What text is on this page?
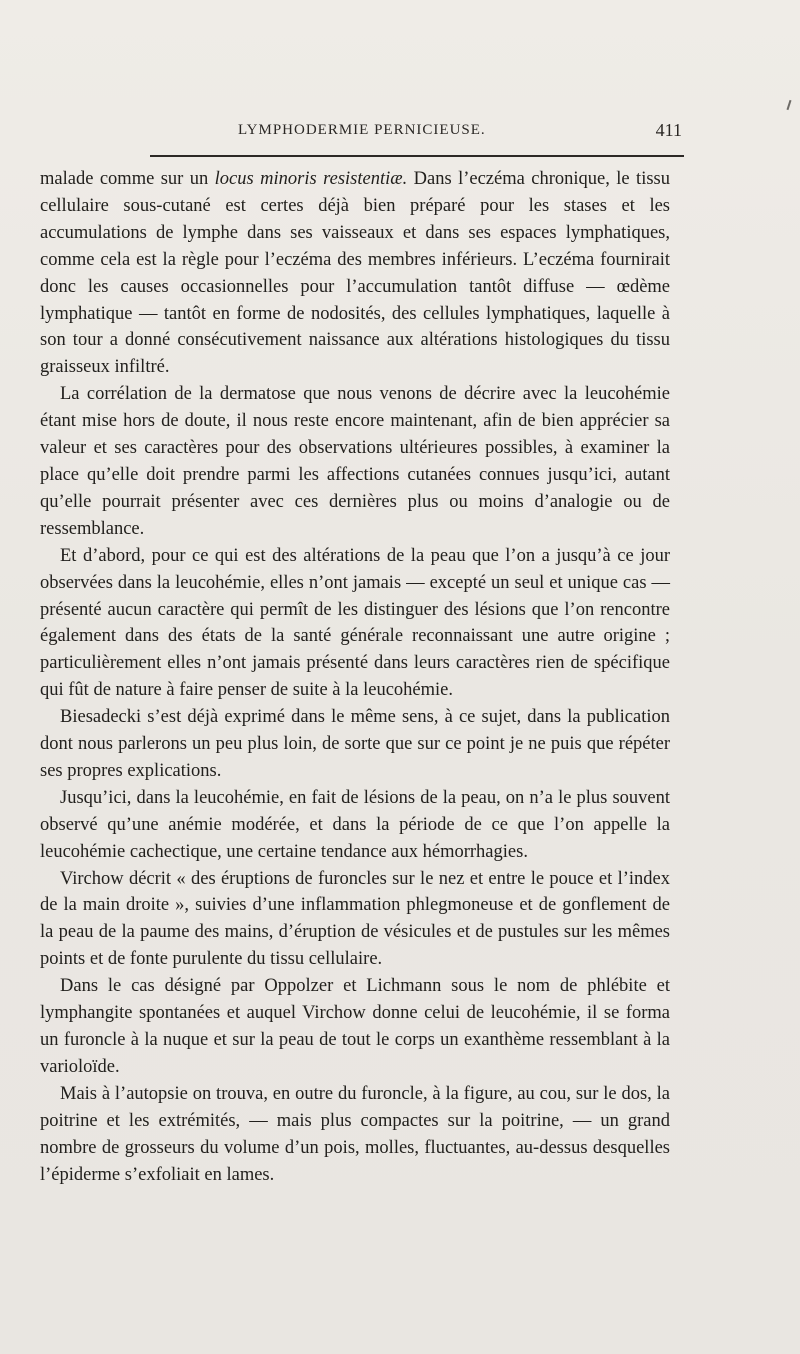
LYMPHODERMIE PERNICIEUSE.	411

malade comme sur un locus minoris resistentiæ. Dans l’eczéma chronique, le tissu cellulaire sous-cutané est certes déjà bien préparé pour les stases et les accumulations de lymphe dans ses vaisseaux et dans ses espaces lymphatiques, comme cela est la règle pour l’eczéma des membres inférieurs. L’eczéma fournirait donc les causes occasionnelles pour l’accumulation tantôt diffuse — œdème lymphatique — tantôt en forme de nodosités, des cellules lymphatiques, laquelle à son tour a donné consécutivement naissance aux altérations histologiques du tissu graisseux infiltré.

La corrélation de la dermatose que nous venons de décrire avec la leucohémie étant mise hors de doute, il nous reste encore maintenant, afin de bien apprécier sa valeur et ses caractères pour des observations ultérieures possibles, à examiner la place qu’elle doit prendre parmi les affections cutanées connues jusqu’ici, autant qu’elle pourrait présenter avec ces dernières plus ou moins d’analogie ou de ressemblance.

Et d’abord, pour ce qui est des altérations de la peau que l’on a jusqu’à ce jour observées dans la leucohémie, elles n’ont jamais — excepté un seul et unique cas — présenté aucun caractère qui permît de les distinguer des lésions que l’on rencontre également dans des états de la santé générale reconnaissant une autre origine ; particulièrement elles n’ont jamais présenté dans leurs caractères rien de spécifique qui fût de nature à faire penser de suite à la leucohémie.

Biesadecki s’est déjà exprimé dans le même sens, à ce sujet, dans la publication dont nous parlerons un peu plus loin, de sorte que sur ce point je ne puis que répéter ses propres explications.

Jusqu’ici, dans la leucohémie, en fait de lésions de la peau, on n’a le plus souvent observé qu’une anémie modérée, et dans la période de ce que l’on appelle la leucohémie cachectique, une certaine tendance aux hémorrhagies.

Virchow décrit « des éruptions de furoncles sur le nez et entre le pouce et l’index de la main droite », suivies d’une inflammation phlegmoneuse et de gonflement de la peau de la paume des mains, d’éruption de vésicules et de pustules sur les mêmes points et de fonte purulente du tissu cellulaire.

Dans le cas désigné par Oppolzer et Lichmann sous le nom de phlébite et lymphangite spontanées et auquel Virchow donne celui de leucohémie, il se forma un furoncle à la nuque et sur la peau de tout le corps un exanthème ressemblant à la varioloïde.

Mais à l’autopsie on trouva, en outre du furoncle, à la figure, au cou, sur le dos, la poitrine et les extrémités, — mais plus compactes sur la poitrine, — un grand nombre de grosseurs du volume d’un pois, molles, fluctuantes, au-dessus desquelles l’épiderme s’exfoliait en lames.
